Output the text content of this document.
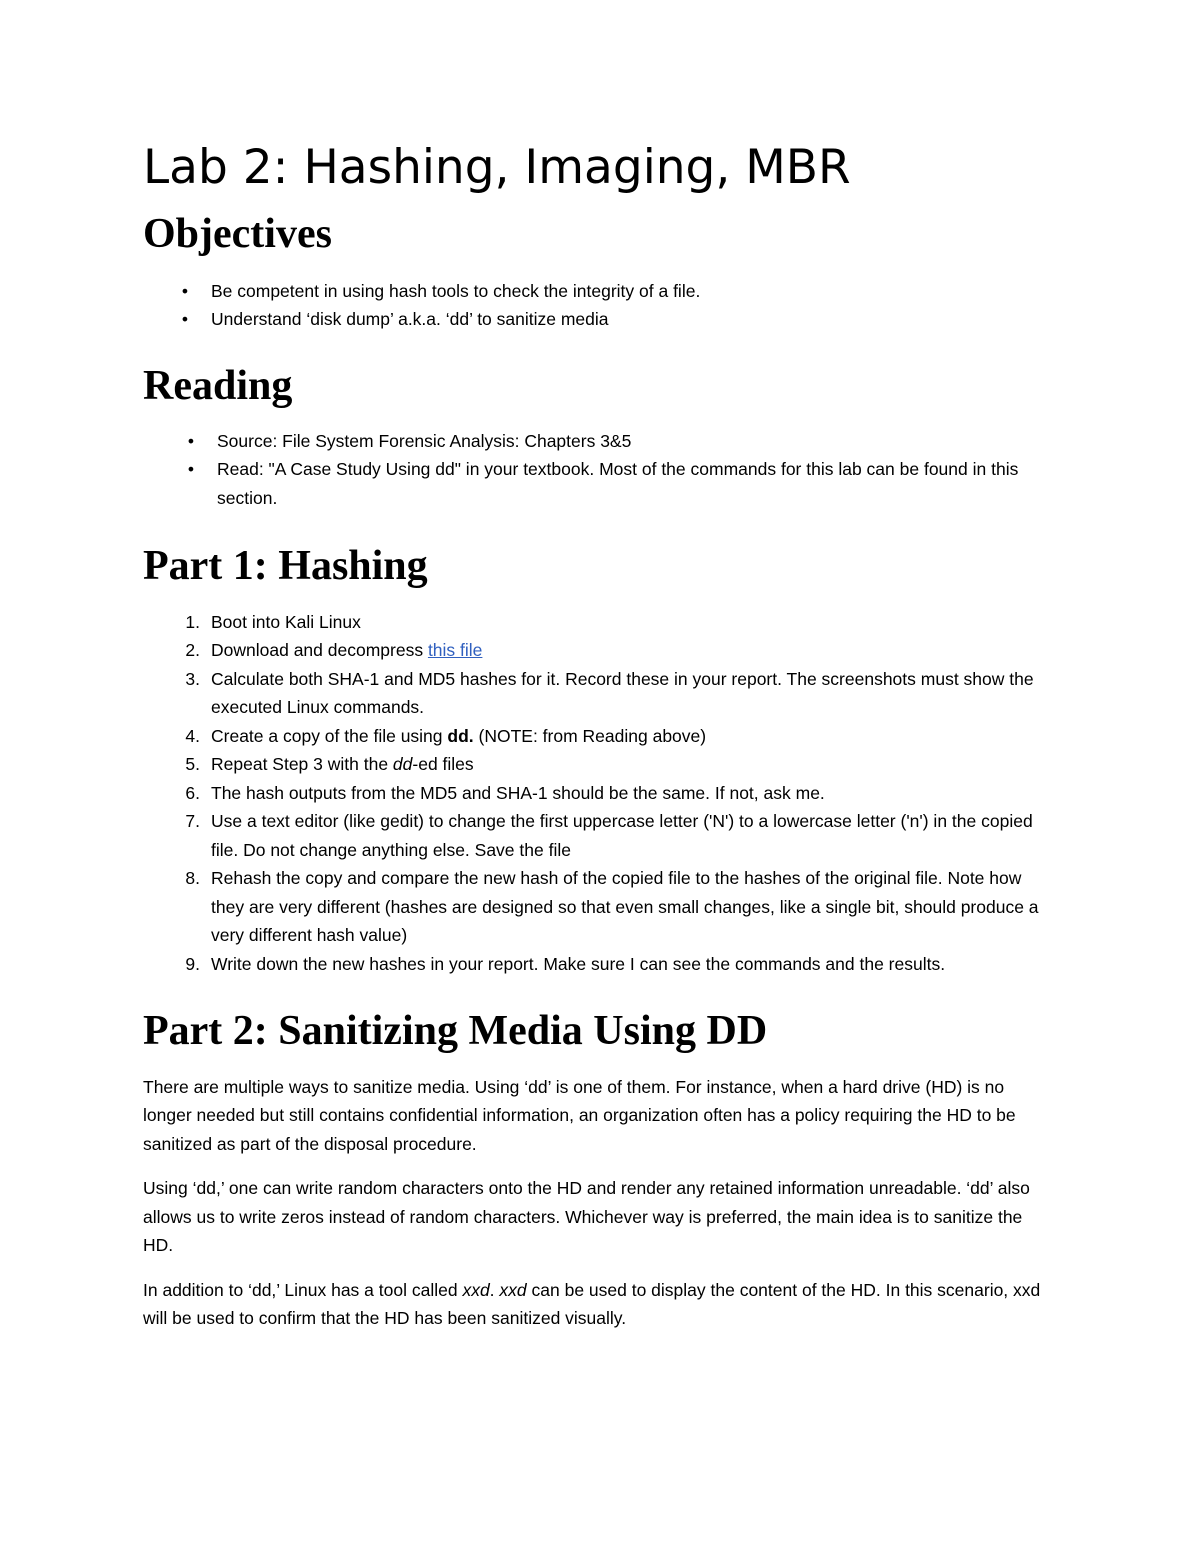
Lab 2: Hashing, Imaging, MBR
Objectives
•	Be competent in using hash tools to check the integrity of a file.
•	Understand ‘disk dump’ a.k.a. ‘dd’ to sanitize media
Reading
•	Source: File System Forensic Analysis: Chapters 3&5
•	Read: "A Case Study Using dd" in your textbook. Most of the commands for this lab can be found in this section.
Part 1: Hashing
1. Boot into Kali Linux
2. Download and decompress this file
3. Calculate both SHA-1 and MD5 hashes for it. Record these in your report. The screenshots must show the executed Linux commands.
4. Create a copy of the file using dd. (NOTE: from Reading above)
5. Repeat Step 3 with the dd-ed files
6. The hash outputs from the MD5 and SHA-1 should be the same. If not, ask me.
7. Use a text editor (like gedit) to change the first uppercase letter ('N') to a lowercase letter ('n') in the copied file. Do not change anything else. Save the file
8. Rehash the copy and compare the new hash of the copied file to the hashes of the original file. Note how they are very different (hashes are designed so that even small changes, like a single bit, should produce a very different hash value)
9. Write down the new hashes in your report. Make sure I can see the commands and the results.
Part 2: Sanitizing Media Using DD

There are multiple ways to sanitize media. Using ‘dd’ is one of them. For instance, when a hard drive (HD) is no longer needed but still contains confidential information, an organization often has a policy requiring the HD to be sanitized as part of the disposal procedure.

Using ‘dd,’ one can write random characters onto the HD and render any retained information unreadable. ‘dd’ also allows us to write zeros instead of random characters. Whichever way is preferred, the main idea is to sanitize the HD.

In addition to ‘dd,’ Linux has a tool called xxd. xxd can be used to display the content of the HD. In this scenario, xxd will be used to confirm that the HD has been sanitized visually.
